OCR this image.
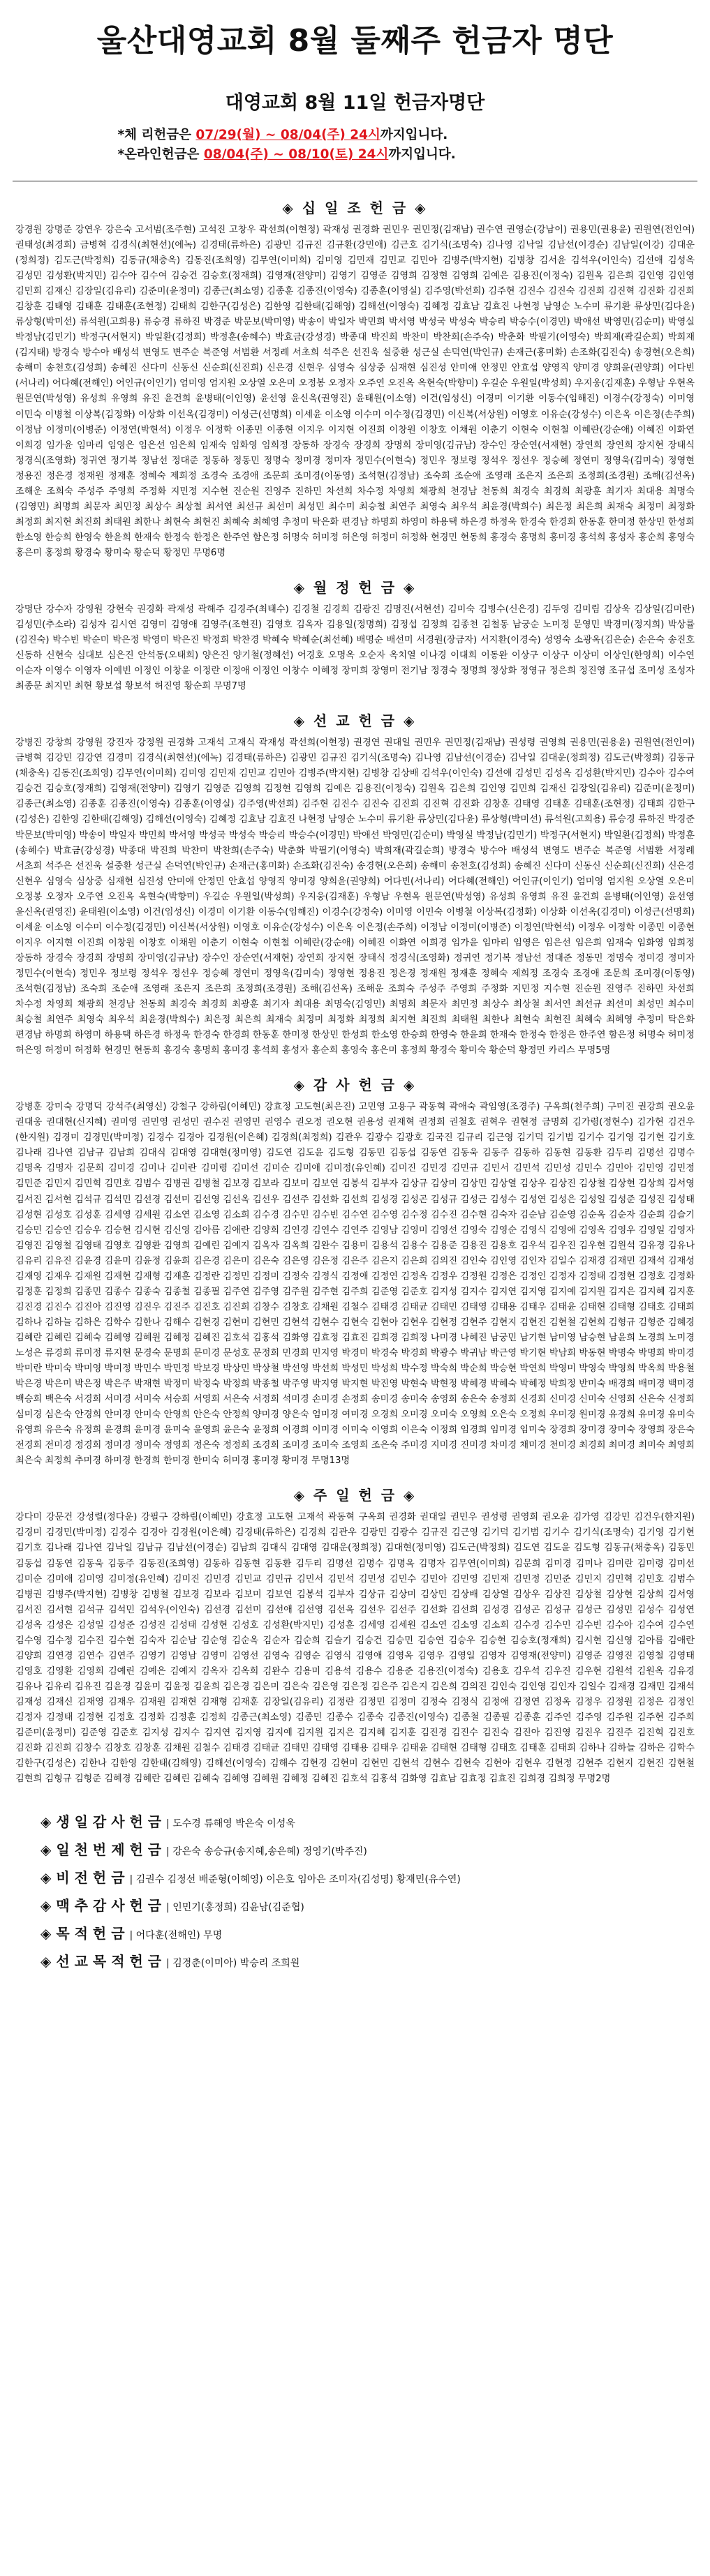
울산대영교회 8월 둘째주 헌금자 명단
대영교회 8월 11일 헌금자명단
*체 리헌금은 07/29(월) ~ 08/04(주) 24시까지입니다.
*온라인헌금은 08/04(주) ~ 08/10(토) 24시까지입니다.
◈ 십 일 조 헌 금 ◈
강경원 강명준 강연우 강은숙 고서범(조주현) 고석진 고창우 곽선희(이현정) 곽재성 권경화 권민우 권민정(김재남) 권수연 권영순(강남이) 권용민(권용윤) 권원연(전인여) 권태성(최경희) 금병혁 김경식(최현선)(에녹) 김경태(류하은) 김광민 김규진 김규환(강민애) 김근호 김기식(조명숙) 김나영 김낙일 김남선(이경순) 김남일(이강) 김대운(정희정) 김도근(박정희) 김동규(채충옥) 김동진(조희영) 김무연(이미희) 김미영 김민재 김민교 김민아 김병주(박지현) 김병창 김서윤 김석우(이인숙) 김선애 김성옥 김성민 김성환(박지민) 김수아 김수여 김승건 김승호(정재희) 김영재(전양미) 김영기 김영준 김영희 김정현 김영희 김예은 김용진(이정숙) 김원옥 김은희 김인영 김인영 김민희 김재신 김장일(김유리) 김준미(윤정미) 김종근(최소영) 김종훈 김종진(이영숙) 김종훈(이영실) 김주영(박선희) 김주현 김진수 김진숙 김진희 김진혁 김진화 김진희 김창훈 김태영 김태훈 김태훈(조현정) 김태희 김한구(김성은) 김한영 김한태(김해영) 김해선(이영숙) 김혜정 김효남 김효진 나현정 남영순 노수미 류기환 류상민(김다윤) 류상형(박미선) 류석원(고희용) 류승경 류하진 박경준 박문보(박미영) 박송이 박일자 박민희 박서영 박성국 박성숙 박승리 박승수(이경민) 박애선 박영민(김순미) 박영실 박정남(김민기) 박정구(서현지) 박일환(김정희) 박정훈(송혜수) 박효금(강성경) 박종대 박진희 박찬미 박찬희(손주숙) 박춘화 박필기(이영숙) 박희재(곽길순희) 박희재(김지태) 방경숙 방수아 배성석 변영도 변주순 복준영 서범환 서정례 서초희 석주은 선진욱 설중환 성근실 손덕연(박인규) 손재근(홍미화) 손조화(김진숙) 송경현(오은희) 송해미 송천호(김성희) 송혜진 신다미 신동신 신순희(신진희) 신은경 신현우 심영숙 심상중 심재현 심진성 안미애 안정민 안효섭 양영직 양미경 양희윤(권양희) 어다빈(서나리) 어다혜(전해인) 어인규(이인기) 엄미영 엄지원 오상열 오은미 오정봉 오정자 오주연 오진옥 옥현숙(박향미) 우길순 우원일(박성희) 우지웅(김재훈) 우형남 우현옥 원문연(박성영) 유성희 유영희 유진 윤건희 윤병태(이인영) 윤선영 윤신옥(권영진) 윤태원(이소영) 이건(임성신) 이경미 이기환 이동수(임해진) 이경수(강정숙) 이미영 이민숙 이병철 이상복(김정화) 이상화 이선옥(김경미) 이성근(선명희) 이세윤 이소영 이수미 이수정(김경민) 이신복(서상원) 이영호 이유순(강성수) 이은옥 이은정(손주희) 이정남 이정미(이병준) 이정연(박현석) 이정우 이정학 이종민 이종현 이지우 이지현 이진희 이창원 이창호 이채원 이춘기 이현숙 이현철 이혜란(강순애) 이혜진 이화연 이희경 임가윤 임마리 임영은 임은선 임은희 임재숙 임화영 임희정 장동하 장경숙 장경희 장명희 장미영(김규남) 장수인 장순연(서재현) 장연희 장연희 장지현 장태식 정경식(조영화) 정귀연 정기복 정남선 정대준 정동하 정동민 정명숙 정미경 정미자 정민수(이현숙) 정민우 정보령 정석우 정선우 정승혜 정연미 정영욱(김미숙) 정영현 정용진 정은경 정재원 정재훈 정혜숙 제희정 조경숙 조경애 조문희 조미경(이동영) 조석현(김정남) 조숙희 조순애 조영래 조은지 조은희 조정희(조경원) 조해(김선옥) 조해운 조희숙 주성주 주영희 주정화 지민정 지수현 진순원 진영주 진하민 차선희 차수정 차영희 채광희 천경남 천동희 최경숙 최경희 최광훈 최기자 최대용 최명숙(김영민) 최명희 최문자 최민정 최상수 최상철 최서연 최선규 최선미 최성민 최수미 최승철 최연주 최영숙 최우석 최윤경(박희수) 최은정 최은희 최재숙 최정미 최정화 최정희 최지현 최진희 최태원 최한나 최현숙 최현진 최혜숙 최혜영 추정미 탁은화 편경남 하명희 하영미 하용택 하은경 하정욱 한경숙 한경희 한동훈 한미정 한상민 한성희 한소영 한승희 한영숙 한윤희 한재숙 한정숙 한정은 한주연 함은정 허명숙 허미정 허은영 허정미 허정화 현경민 현동희 홍경숙 홍명희 홍미경 홍석희 홍성자 홍순희 홍영숙 홍은미 홍정희 황경숙 황미숙 황순덕 황정민 무명6명
◈ 월 정 헌 금 ◈
강명단 강수자 강영원 강현숙 권경화 곽재성 곽해주 김경주(최태수) 김경철 김경희 김광진 김명진(서현선) 김미숙 김병수(신은경) 김두영 김미림 김상욱 김상일(김미란) 김성민(추소라) 김성자 김시연 김영미 김영애 김영주(조현진) 김영호 김옥자 김용일(정명희) 김정섭 김정희 김종천 김철동 남궁순 노미정 문영민 박경미(정지희) 박상률(김진숙) 박수빈 박순미 박은정 박영미 박은진 박정희 박찬경 박혜숙 박혜순(최선혜) 배명순 배선미 서경원(장금자) 서지환(이경숙) 성영숙 소광옥(김은순) 손은숙 송진호 신동하 신현숙 심대보 심은진 안석동(오태희) 양은진 양기철(정혜선) 어경호 오명옥 오순자 옥치열 이나경 이대희 이동완 이상구 이상구 이상미 이상인(한영희) 이수연 이순자 이영수 이영자 이예빈 이정인 이창윤 이정란 이정애 이정인 이창수 이혜정 장미희 장영미 전기남 정경숙 정명희 정상화 정영규 정은희 정진영 조규섭 조미성 조성자 최종문 최지민 최현 황보섭 황보석 허진영 황순희 무명7명
◈ 선 교 헌 금 ◈
강병진 강창희 강영원 강진자 강정원 권경화 고재석 고재식 곽재성 곽선희(이현정) 권경연 권대일 권민우 권민정(김재남) 권성령 권영희 권용민(권용윤) 권원연(전인여) 금병혁 김강민 김강연 김경미 김경식(최현선)(에녹) 김경태(류하은) 김광민 김규진 김기식(조명숙) 김나영 김남선(이경순) 김낙일 김대운(정희정) 김도근(박정희) 김동규(채충옥) 김동진(조희영) 김무연(이미희) 김미영 김민재 김민교 김민아 김병주(박지현) 김병창 김상배 김석우(이인숙) 김선애 김성민 김성옥 김성환(박지민) 김수아 김수여 김승건 김승호(정재희) 김영재(전양미) 김영기 김영준 김영희 김정현 김영희 김예은 김용진(이정숙) 김원옥 김은희 김인영 김민희 김재신 김장일(김유리) 김준미(윤정미) 김종근(최소영) 김종훈 김종진(이영숙) 김종훈(이영실) 김주영(박선희) 김주현 김진수 김진숙 김진희 김진혁 김진화 김창훈 김태영 김태훈 김태훈(조현정) 김태희 김한구(김성은) 김한영 김한태(김해영) 김해선(이영숙) 김혜정 김효남 김효진 나현정 남영순 노수미 류기환 류상민(김다윤) 류상형(박미선) 류석원(고희용) 류승경 류하진 박경준 박문보(박미영) 박송이 박일자 박민희 박서영 박성국 박성숙 박승리 박승수(이경민) 박애선 박영민(김순미) 박영실 박정남(김민기) 박정구(서현지) 박일환(김정희) 박정훈(송혜수) 박효금(강성경) 박종대 박진희 박찬미 박찬희(손주숙) 박춘화 박필기(이영숙) 박희재(곽길순희) 방경숙 방수아 배성석 변영도 변주순 복준영 서범환 서정례 서초희 석주은 선진욱 설중환 성근실 손덕연(박인규) 손재근(홍미화) 손조화(김진숙) 송경현(오은희) 송해미 송천호(김성희) 송혜진 신다미 신동신 신순희(신진희) 신은경 신현우 심영숙 심상중 심재현 심진성 안미애 안정민 안효섭 양영직 양미경 양희윤(권양희) 어다빈(서나리) 어다혜(전해인) 어인규(이인기) 엄미영 엄지원 오상열 오은미 오정봉 오정자 오주연 오진옥 옥현숙(박향미) 우길순 우원일(박성희) 우지웅(김재훈) 우형남 우현옥 원문연(박성영) 유성희 유영희 유진 윤건희 윤병태(이인영) 윤선영 윤신옥(권영진) 윤태원(이소영) 이건(임성신) 이경미 이기환 이동수(임해진) 이경수(강정숙) 이미영 이민숙 이병철 이상복(김정화) 이상화 이선옥(김경미) 이성근(선명희) 이세윤 이소영 이수미 이수정(김경민) 이신복(서상원) 이영호 이유순(강성수) 이은옥 이은정(손주희) 이정남 이정미(이병준) 이정연(박현석) 이정우 이정학 이종민 이종현 이지우 이지현 이진희 이창원 이창호 이채원 이춘기 이현숙 이현철 이혜란(강순애) 이혜진 이화연 이희경 임가윤 임마리 임영은 임은선 임은희 임재숙 임화영 임희정 장동하 장경숙 장경희 장명희 장미영(김규남) 장수인 장순연(서재현) 장연희 장지현 장태식 정경식(조영화) 정귀연 정기복 정남선 정대준 정동민 정명숙 정미경 정미자 정민수(이현숙) 정민우 정보령 정석우 정선우 정승혜 정연미 정영욱(김미숙) 정영현 정용진 정은경 정재원 정재훈 정혜숙 제희정 조경숙 조경애 조문희 조미경(이동영) 조석현(김정남) 조숙희 조순애 조영래 조은지 조은희 조정희(조경원) 조해(김선옥) 조해운 조희숙 주성주 주영희 주정화 지민정 지수현 진순원 진영주 진하민 차선희 차수정 차영희 채광희 천경남 천동희 최경숙 최경희 최광훈 최기자 최대용 최명숙(김영민) 최명희 최문자 최민정 최상수 최상철 최서연 최선규 최선미 최성민 최수미 최승철 최연주 최영숙 최우석 최윤경(박희수) 최은정 최은희 최재숙 최정미 최정화 최정희 최지현 최진희 최태원 최한나 최현숙 최현진 최혜숙 최혜영 추정미 탁은화 편경남 하명희 하영미 하용택 하은경 하정욱 한경숙 한경희 한동훈 한미정 한상민 한성희 한소영 한승희 한영숙 한윤희 한재숙 한정숙 한정은 한주연 함은정 허명숙 허미정 허은영 허정미 허정화 현경민 현동희 홍경숙 홍명희 홍미경 홍석희 홍성자 홍순희 홍영숙 홍은미 홍정희 황경숙 황미숙 황순덕 황정민 카리스 무명5명
◈ 감 사 헌 금 ◈
강병훈 강미숙 강명덕 강석주(최영신) 강철구 강하림(이혜민) 강효정 고도현(최은진) 고민영 고용구 곽동혁 곽애숙 곽임영(조경주) 구옥희(천주희) 구미진 권강희 권오윤 권대웅 권대현(신지혜) 권미영 권민영 권성민 권수진 권영민 권영수 권오정 권오현 권용성 권재혁 권정희 권철호 권혁우 권현정 금명희 김가령(정현수) 김가현 김건우(한지원) 김경미 김경민(박미정) 김경수 김경아 김경원(이은혜) 김경희(최정희) 김관우 김광수 김광호 김국진 김규리 김근영 김기덕 김기범 김기수 김기영 김기현 김기호 김나래 김나연 김남규 김남희 김대식 김대영 김대현(정미영) 김도연 김도윤 김도형 김동민 김동섭 김동연 김동욱 김동주 김동하 김동현 김동환 김두리 김명선 김명수 김명옥 김명자 김문희 김미경 김미나 김미란 김미령 김미선 김미순 김미애 김미정(유인혜) 김미진 김민경 김민규 김민서 김민석 김민성 김민수 김민아 김민영 김민정 김민준 김민지 김민혁 김민호 김범수 김병권 김병철 김보경 김보라 김보미 김보연 김봉석 김부자 김상규 김상미 김상민 김상열 김상우 김상진 김상철 김상현 김상희 김서영 김서진 김서현 김석규 김석민 김선경 김선미 김선영 김선옥 김선우 김선주 김선화 김선희 김성경 김성곤 김성규 김성근 김성수 김성연 김성은 김성일 김성준 김성진 김성태 김성현 김성호 김성훈 김세영 김세원 김소연 김소영 김소희 김수경 김수민 김수빈 김수연 김수영 김수정 김수진 김수현 김숙자 김순남 김순영 김순옥 김순자 김순희 김슬기 김승민 김승연 김승우 김승현 김시현 김신영 김아름 김애란 김양희 김연경 김연수 김연주 김영남 김영미 김영선 김영숙 김영순 김영식 김영애 김영옥 김영우 김영일 김영자 김영진 김영철 김영태 김영호 김영환 김영희 김예린 김예지 김옥자 김옥희 김완수 김용미 김용석 김용수 김용준 김용진 김용호 김우석 김우진 김우현 김원석 김유경 김유나 김유리 김유진 김윤경 김윤미 김윤정 김윤희 김은경 김은미 김은숙 김은영 김은정 김은주 김은지 김은희 김의진 김인숙 김인영 김인자 김일수 김재경 김재민 김재석 김재성 김재영 김재우 김재원 김재현 김재형 김재훈 김정란 김정민 김정미 김정숙 김정식 김정애 김정연 김정옥 김정우 김정원 김정은 김정인 김정자 김정태 김정현 김정호 김정화 김정훈 김정희 김종민 김종수 김종숙 김종철 김종필 김주연 김주영 김주원 김주현 김주희 김준영 김준호 김지성 김지수 김지연 김지영 김지예 김지원 김지은 김지혜 김지훈 김진경 김진수 김진아 김진영 김진우 김진주 김진호 김진희 김창수 김창호 김채원 김철수 김태경 김태균 김태민 김태영 김태용 김태우 김태윤 김태현 김태형 김태호 김태희 김하나 김하늘 김하은 김학수 김한나 김해수 김현경 김현미 김현민 김현석 김현수 김현숙 김현아 김현우 김현정 김현주 김현지 김현진 김현철 김현희 김형규 김형준 김혜경 김혜란 김혜린 김혜숙 김혜영 김혜원 김혜정 김혜진 김호석 김홍석 김화영 김효정 김효진 김희경 김희정 나미경 나혜진 남궁민 남기현 남미영 남승현 남윤희 노경희 노미경 노성은 류경희 류미정 류지현 문경숙 문명희 문미경 문성호 문정희 민경희 민지영 박경미 박경숙 박경희 박광수 박귀남 박근영 박기현 박남희 박동현 박명숙 박명희 박미경 박미란 박미숙 박미영 박미정 박민수 박민정 박보경 박상민 박상철 박선영 박선희 박성민 박성희 박수정 박숙희 박순희 박승현 박연희 박영미 박영숙 박영희 박옥희 박용철 박은경 박은미 박은정 박은주 박재현 박정미 박정숙 박정희 박종철 박주영 박지영 박지현 박진영 박현숙 박현정 박혜경 박혜숙 박혜정 박희정 반미숙 배경희 배미경 백미경 백승희 백은숙 서경희 서미경 서미숙 서승희 서영희 서은숙 서정희 석미경 손미경 손정희 송미경 송미숙 송영희 송은숙 송정희 신경희 신미경 신미숙 신영희 신은숙 신정희 심미경 심은숙 안경희 안미경 안미숙 안영희 안은숙 안정희 양미경 양은숙 엄미경 여미경 오경희 오미경 오미숙 오영희 오은숙 오정희 우미경 원미경 유경희 유미경 유미숙 유영희 유은숙 유정희 윤경희 윤미경 윤미숙 윤영희 윤은숙 윤정희 이경희 이미경 이미숙 이영희 이은숙 이정희 임경희 임미경 임미숙 장경희 장미경 장미숙 장영희 장은숙 전경희 전미경 정경희 정미경 정미숙 정영희 정은숙 정정희 조경희 조미경 조미숙 조영희 조은숙 주미경 지미경 진미경 차미경 채미경 천미경 최경희 최미경 최미숙 최영희 최은숙 최정희 추미경 하미경 한경희 한미경 한미숙 허미경 홍미경 황미경 무명13명
◈ 주 일 헌 금 ◈
강다미 강문건 강성렬(정다운) 강필구 강하림(이혜민) 강효정 고도현 고재석 곽동혁 구옥희 권경화 권대일 권민우 권성령 권영희 권오윤 김가영 김강민 김건우(한지원) 김경미 김경민(박미정) 김경수 김경아 김경원(이은혜) 김경태(류하은) 김경희 김관우 김광민 김광수 김규진 김근영 김기덕 김기범 김기수 김기식(조명숙) 김기영 김기현 김기호 김나래 김나연 김낙일 김남규 김남선(이경순) 김남희 김대식 김대영 김대운(정희정) 김대현(정미영) 김도근(박정희) 김도연 김도윤 김도형 김동규(채충옥) 김동민 김동섭 김동연 김동욱 김동주 김동진(조희영) 김동하 김동현 김동환 김두리 김명선 김명수 김명옥 김명자 김무연(이미희) 김문희 김미경 김미나 김미란 김미령 김미선 김미순 김미애 김미영 김미정(유인혜) 김미진 김민경 김민교 김민규 김민서 김민석 김민성 김민수 김민아 김민영 김민재 김민정 김민준 김민지 김민혁 김민호 김범수 김병권 김병주(박지현) 김병창 김병철 김보경 김보라 김보미 김보연 김봉석 김부자 김상규 김상미 김상민 김상배 김상열 김상우 김상진 김상철 김상현 김상희 김서영 김서진 김서현 김석규 김석민 김석우(이인숙) 김선경 김선미 김선애 김선영 김선옥 김선우 김선주 김선화 김선희 김성경 김성곤 김성규 김성근 김성민 김성수 김성연 김성옥 김성은 김성일 김성준 김성진 김성태 김성현 김성호 김성환(박지민) 김성훈 김세영 김세원 김소연 김소영 김소희 김수경 김수민 김수빈 김수아 김수여 김수연 김수영 김수정 김수진 김수현 김숙자 김순남 김순영 김순옥 김순자 김순희 김슬기 김승건 김승민 김승연 김승우 김승현 김승호(정재희) 김시현 김신영 김아름 김애란 김양희 김연경 김연수 김연주 김영기 김영남 김영미 김영선 김영숙 김영순 김영식 김영애 김영옥 김영우 김영일 김영자 김영재(전양미) 김영준 김영진 김영철 김영태 김영호 김영환 김영희 김예린 김예은 김예지 김옥자 김옥희 김완수 김용미 김용석 김용수 김용준 김용진(이정숙) 김용호 김우석 김우진 김우현 김원석 김원옥 김유경 김유나 김유리 김유진 김윤경 김윤미 김윤정 김윤희 김은경 김은미 김은숙 김은영 김은정 김은주 김은지 김은희 김의진 김인숙 김인영 김인자 김일수 김재경 김재민 김재석 김재성 김재신 김재영 김재우 김재원 김재현 김재형 김재훈 김장일(김유리) 김정란 김정민 김정미 김정숙 김정식 김정애 김정연 김정옥 김정우 김정원 김정은 김정인 김정자 김정태 김정현 김정호 김정화 김정훈 김정희 김종근(최소영) 김종민 김종수 김종숙 김종진(이영숙) 김종철 김종필 김종훈 김주연 김주영 김주원 김주현 김주희 김준미(윤정미) 김준영 김준호 김지성 김지수 김지연 김지영 김지예 김지원 김지은 김지혜 김지훈 김진경 김진수 김진숙 김진아 김진영 김진우 김진주 김진혁 김진호 김진화 김진희 김창수 김창호 김창훈 김채원 김철수 김태경 김태균 김태민 김태영 김태용 김태우 김태윤 김태현 김태형 김태호 김태훈 김태희 김하나 김하늘 김하은 김학수 김한구(김성은) 김한나 김한영 김한태(김해영) 김해선(이영숙) 김해수 김현경 김현미 김현민 김현석 김현수 김현숙 김현아 김현우 김현정 김현주 김현지 김현진 김현철 김현희 김형규 김형준 김혜경 김혜란 김혜린 김혜숙 김혜영 김혜원 김혜정 김혜진 김호석 김홍석 김화영 김효남 김효정 김효진 김희경 김희정 무명2명
◈ 생 일 감 사 헌 금 | 도수경 류해영 박은숙 이성욱
◈ 일 천 번 제 헌 금 | 강은숙 송승규(송지혜,송은혜) 정영기(박주진)
◈ 비 전 헌 금 | 김권수 김정선 배준형(이혜영) 이은호 임아은 조미자(김성명) 황재민(유수연)
◈ 맥 추 감 사 헌 금 | 인민기(홍정희) 김윤남(김준협)
◈ 목 적 헌 금 | 어다훈(전해인) 무명
◈ 선 교 목 적 헌 금 | 김경춘(이미아) 박승리 조희원
